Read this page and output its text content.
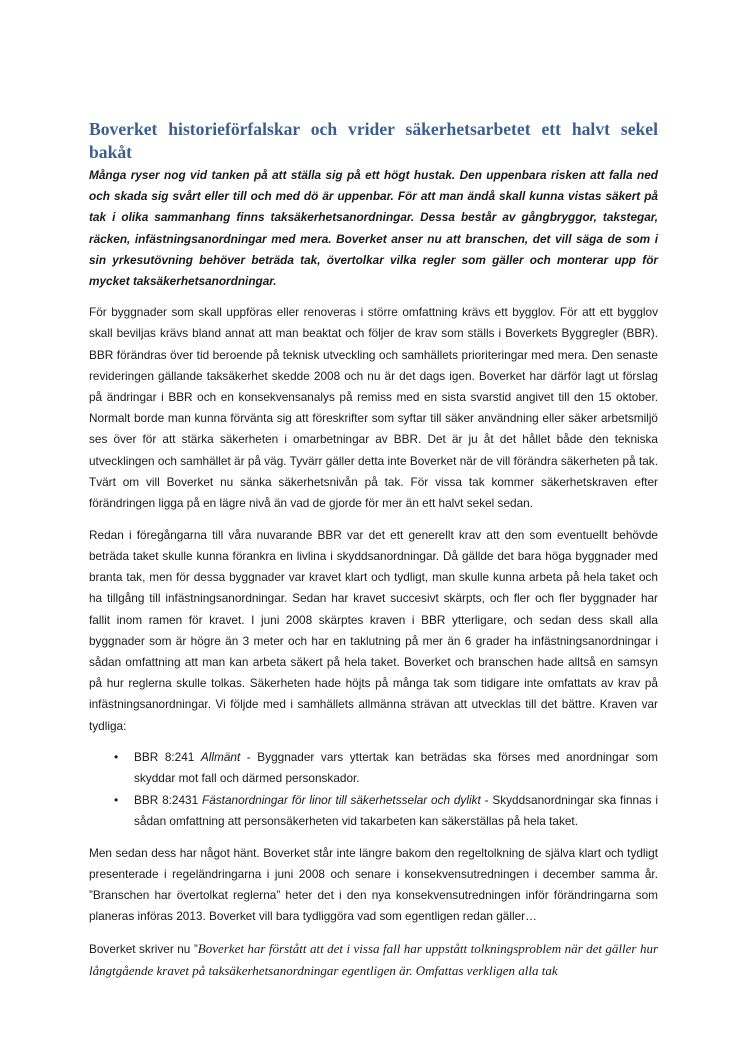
Boverket historieförfalskar och vrider säkerhetsarbetet ett halvt sekel bakåt

Många ryser nog vid tanken på att ställa sig på ett högt hustak. Den uppenbara risken att falla ned och skada sig svårt eller till och med dö är uppenbar. För att man ändå skall kunna vistas säkert på tak i olika sammanhang finns taksäkerhetsanordningar. Dessa består av gångbryggor, takstegar, räcken, infästningsanordningar med mera. Boverket anser nu att branschen, det vill säga de som i sin yrkesutövning behöver beträda tak, övertolkar vilka regler som gäller och monterar upp för mycket taksäkerhetsanordningar.

För byggnader som skall uppföras eller renoveras i större omfattning krävs ett bygglov. För att ett bygglov skall beviljas krävs bland annat att man beaktat och följer de krav som ställs i Boverkets Byggregler (BBR). BBR förändras över tid beroende på teknisk utveckling och samhällets prioriteringar med mera. Den senaste revideringen gällande taksäkerhet skedde 2008 och nu är det dags igen. Boverket har därför lagt ut förslag på ändringar i BBR och en konsekvensanalys på remiss med en sista svarstid angivet till den 15 oktober. Normalt borde man kunna förvänta sig att föreskrifter som syftar till säker användning eller säker arbetsmiljö ses över för att stärka säkerheten i omarbetningar av BBR. Det är ju åt det hållet både den tekniska utvecklingen och samhället är på väg. Tyvärr gäller detta inte Boverket när de vill förändra säkerheten på tak. Tvärt om vill Boverket nu sänka säkerhetsnivån på tak. För vissa tak kommer säkerhetskraven efter förändringen ligga på en lägre nivå än vad de gjorde för mer än ett halvt sekel sedan.

Redan i föregångarna till våra nuvarande BBR var det ett generellt krav att den som eventuellt behövde beträda taket skulle kunna förankra en livlina i skyddsanordningar. Då gällde det bara höga byggnader med branta tak, men för dessa byggnader var kravet klart och tydligt, man skulle kunna arbeta på hela taket och ha tillgång till infästningsanordningar. Sedan har kravet succesivt skärpts, och fler och fler byggnader har fallit inom ramen för kravet. I juni 2008 skärptes kraven i BBR ytterligare, och sedan dess skall alla byggnader som är högre än 3 meter och har en taklutning på mer än 6 grader ha infästningsanordningar i sådan omfattning att man kan arbeta säkert på hela taket. Boverket och branschen hade alltså en samsyn på hur reglerna skulle tolkas. Säkerheten hade höjts på många tak som tidigare inte omfattats av krav på infästningsanordningar. Vi följde med i samhällets allmänna strävan att utvecklas till det bättre. Kraven var tydliga:

• BBR 8:241 Allmänt - Byggnader vars yttertak kan beträdas ska förses med anordningar som skyddar mot fall och därmed personskador.
• BBR 8:2431 Fästanordningar för linor till säkerhetsselar och dylikt - Skyddsanordningar ska finnas i sådan omfattning att personsäkerheten vid takarbeten kan säkerställas på hela taket.

Men sedan dess har något hänt. Boverket står inte längre bakom den regeltolkning de själva klart och tydligt presenterade i regeländringarna i juni 2008 och senare i konsekvensutredningen i december samma år. ”Branschen har övertolkat reglerna” heter det i den nya konsekvensutredningen inför förändringarna som planeras införas 2013. Boverket vill bara tydliggöra vad som egentligen redan gäller…

Boverket skriver nu ”Boverket har förstått att det i vissa fall har uppstått tolkningsproblem när det gäller hur långtgående kravet på taksäkerhetsanordningar egentligen är. Omfattas verkligen alla tak
